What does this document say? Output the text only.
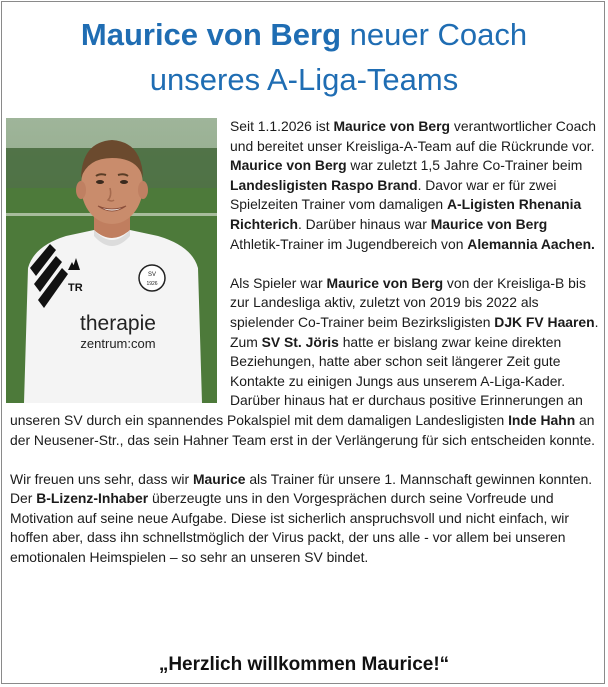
Maurice von Berg neuer Coach
unseres A-Liga-Teams

Seit 1.1.2026 ist Maurice von Berg verantwortlicher Coach und bereitet unser Kreisliga-A-Team auf die Rückrunde vor. Maurice von Berg war zuletzt 1,5 Jahre Co-Trainer beim Landesligisten Raspo Brand. Davor war er für zwei Spielzeiten Trainer vom damaligen A-Ligisten Rhenania Richterich. Darüber hinaus war Maurice von Berg Athletik-Trainer im Jugendbereich von Alemannia Aachen.

Als Spieler war Maurice von Berg von der Kreisliga-B bis zur Landesliga aktiv, zuletzt von 2019 bis 2022 als spielender Co-Trainer beim Bezirksligisten DJK FV Haaren. Zum SV St. Jöris hatte er bislang zwar keine direkten Beziehungen, hatte aber schon seit längerer Zeit gute Kontakte zu einigen Jungs aus unserem A-Liga-Kader. Darüber hinaus hat er durchaus positive Erinnerungen an unseren SV durch ein spannendes Pokalspiel mit dem damaligen Landesligisten Inde Hahn an der Neusener-Str., das sein Hahner Team erst in der Verlängerung für sich entscheiden konnte.

Wir freuen uns sehr, dass wir Maurice als Trainer für unsere 1. Mannschaft gewinnen konnten. Der B-Lizenz-Inhaber überzeugte uns in den Vorgesprächen durch seine Vorfreude und Motivation auf seine neue Aufgabe. Diese ist sicherlich anspruchsvoll und nicht einfach, wir hoffen aber, dass ihn schnellstmöglich der Virus packt, der uns alle - vor allem bei unseren emotionalen Heimspielen – so sehr an unseren SV bindet.

SV
1926
TR
therapie
zentrum:com
„Herzlich willkommen Maurice!“
